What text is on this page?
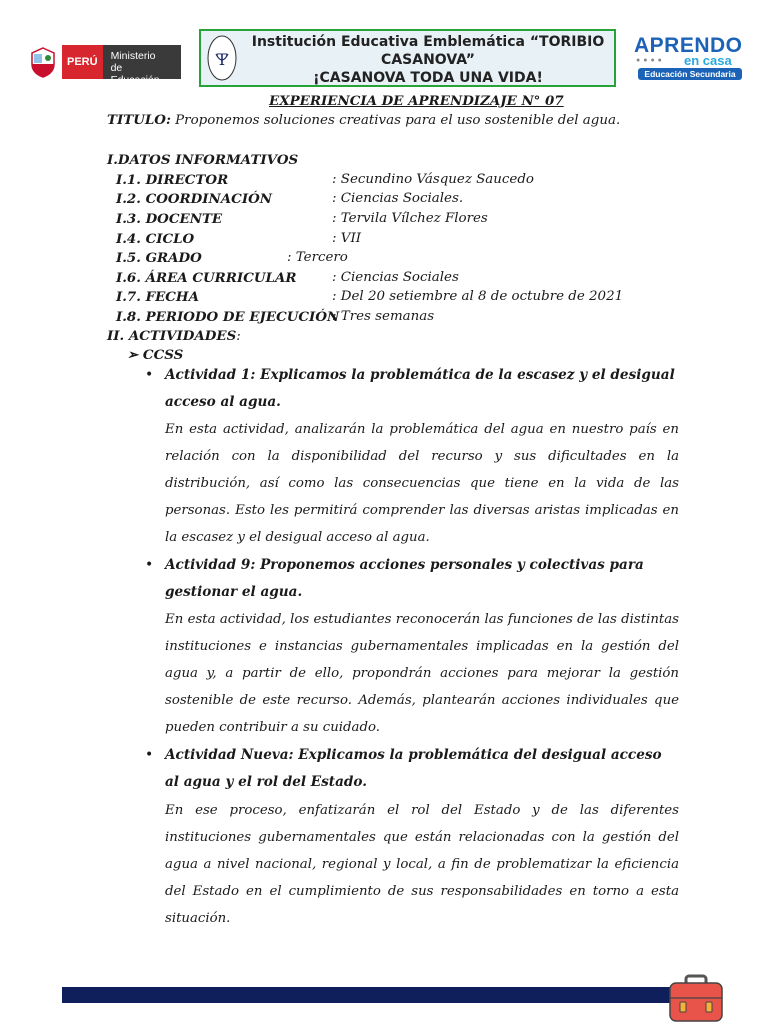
PERÚ	Ministerio
de Educación
T
Institución Educativa Emblemática “TORIBIO
CASANOVA”
¡CASANOVA TODA UNA VIDA!
APRENDO
●●●● en casa
Educación Secundaria
EXPERIENCIA DE APRENDIZAJE N° 07
TITULO: Proponemos soluciones creativas para el uso sostenible del agua.
I.DATOS INFORMATIVOS
I.1. DIRECTOR	: Secundino Vásquez Saucedo
I.2. COORDINACIÓN	: Ciencias Sociales.
I.3. DOCENTE	: Tervila Vílchez Flores
I.4. CICLO	: VII
I.5. GRADO	: Tercero
I.6. ÁREA CURRICULAR	: Ciencias Sociales
I.7. FECHA	: Del 20 setiembre al 8 de octubre de 2021
I.8. PERIODO DE EJECUCIÓN
: Tres semanas
II. ACTIVIDADES:
➢ CCSS
• Actividad 1: Explicamos la problemática de la escasez y el desigual acceso al agua.
En esta actividad, analizarán la problemática del agua en nuestro país en relación con la disponibilidad del recurso y sus dificultades en la distribución, así como las consecuencias que tiene en la vida de las personas. Esto les permitirá comprender las diversas aristas implicadas en la escasez y el desigual acceso al agua.
• Actividad 9: Proponemos acciones personales y colectivas para gestionar el agua.
En esta actividad, los estudiantes reconocerán las funciones de las distintas instituciones e instancias gubernamentales implicadas en la gestión del agua y, a partir de ello, propondrán acciones para mejorar la gestión sostenible de este recurso. Además, plantearán acciones individuales que pueden contribuir a su cuidado.
• Actividad Nueva: Explicamos la problemática del desigual acceso al agua y el rol del Estado.
En ese proceso, enfatizarán el rol del Estado y de las diferentes instituciones gubernamentales que están relacionadas con la gestión del agua a nivel nacional, regional y local, a fin de problematizar la eficiencia del Estado en el cumplimiento de sus responsabilidades en torno a esta situación.
